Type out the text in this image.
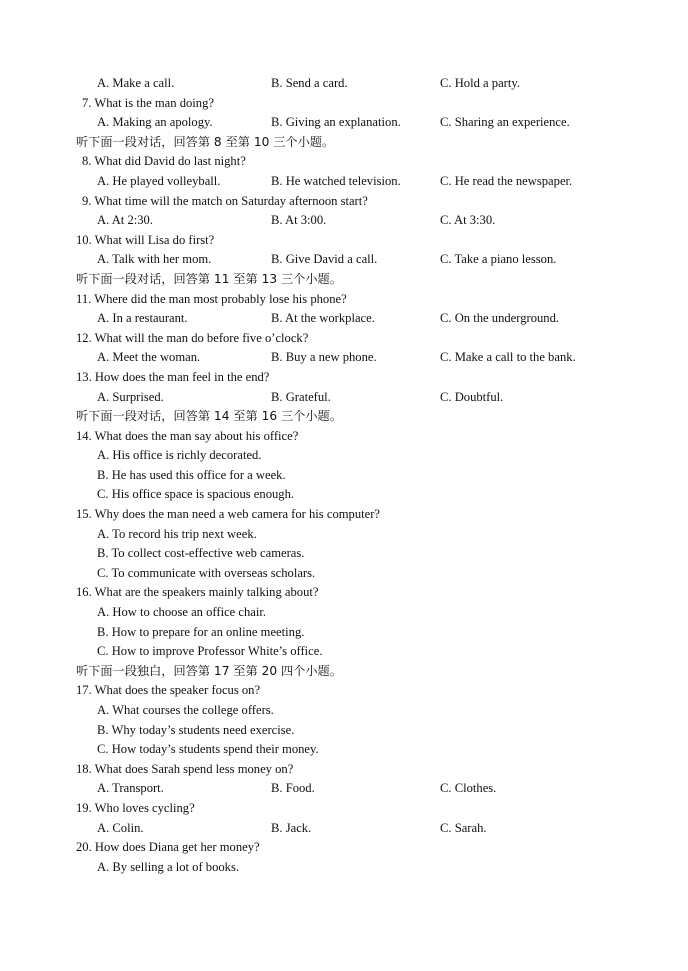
A. Make a call.	B. Send a card.	C. Hold a party.
7. What is the man doing?
A. Making an apology.	B. Giving an explanation.	C. Sharing an experience.
听下面一段对话，回答第 8 至第 10 三个小题。
8. What did David do last night?
A. He played volleyball.	B. He watched television.	C. He read the newspaper.
9. What time will the match on Saturday afternoon start?
A. At 2:30.	B. At 3:00.	C. At 3:30.
10. What will Lisa do first?
A. Talk with her mom.	B. Give David a call.	C. Take a piano lesson.
听下面一段对话，回答第 11 至第 13 三个小题。
11. Where did the man most probably lose his phone?
A. In a restaurant.	B. At the workplace.	C. On the underground.
12. What will the man do before five o’clock?
A. Meet the woman.	B. Buy a new phone.	C. Make a call to the bank.
13. How does the man feel in the end?
A. Surprised.	B. Grateful.	C. Doubtful.
听下面一段对话，回答第 14 至第 16 三个小题。
14. What does the man say about his office?
A. His office is richly decorated.
B. He has used this office for a week.
C. His office space is spacious enough.
15. Why does the man need a web camera for his computer?
A. To record his trip next week.
B. To collect cost-effective web cameras.
C. To communicate with overseas scholars.
16. What are the speakers mainly talking about?
A. How to choose an office chair.
B. How to prepare for an online meeting.
C. How to improve Professor White’s office.
听下面一段独白，回答第 17 至第 20 四个小题。
17. What does the speaker focus on?
A. What courses the college offers.
B. Why today’s students need exercise.
C. How today’s students spend their money.
18. What does Sarah spend less money on?
A. Transport.	B. Food.	C. Clothes.
19. Who loves cycling?
A. Colin.	B. Jack.	C. Sarah.
20. How does Diana get her money?
A. By selling a lot of books.
